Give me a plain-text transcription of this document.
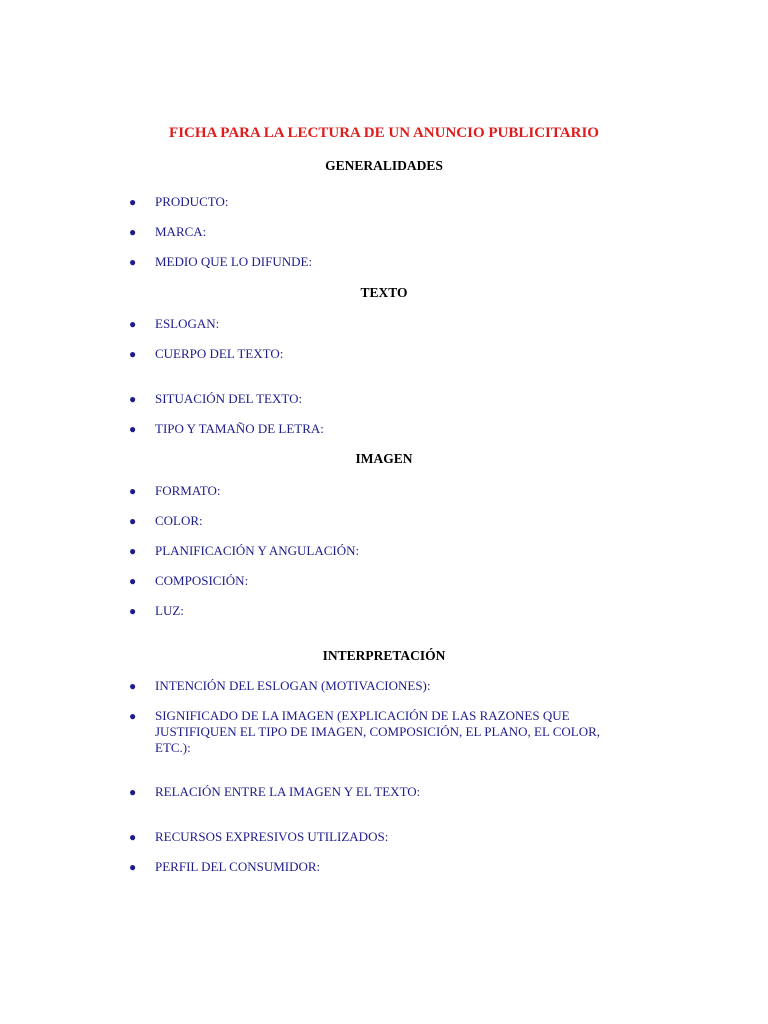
FICHA PARA LA LECTURA DE UN ANUNCIO PUBLICITARIO
GENERALIDADES
● PRODUCTO:
● MARCA:
● MEDIO QUE LO DIFUNDE:
TEXTO
● ESLOGAN:
● CUERPO DEL TEXTO:
● SITUACIÓN DEL TEXTO:
● TIPO Y TAMAÑO DE LETRA:
IMAGEN
● FORMATO:
● COLOR:
● PLANIFICACIÓN Y ANGULACIÓN:
● COMPOSICIÓN:
● LUZ:
INTERPRETACIÓN
● INTENCIÓN DEL ESLOGAN (MOTIVACIONES):
● SIGNIFICADO DE LA IMAGEN (EXPLICACIÓN DE LAS RAZONES QUE JUSTIFIQUEN EL TIPO DE IMAGEN, COMPOSICIÓN, EL PLANO, EL COLOR, ETC.):
● RELACIÓN ENTRE LA IMAGEN Y EL TEXTO:
● RECURSOS EXPRESIVOS UTILIZADOS:
● PERFIL DEL CONSUMIDOR:
